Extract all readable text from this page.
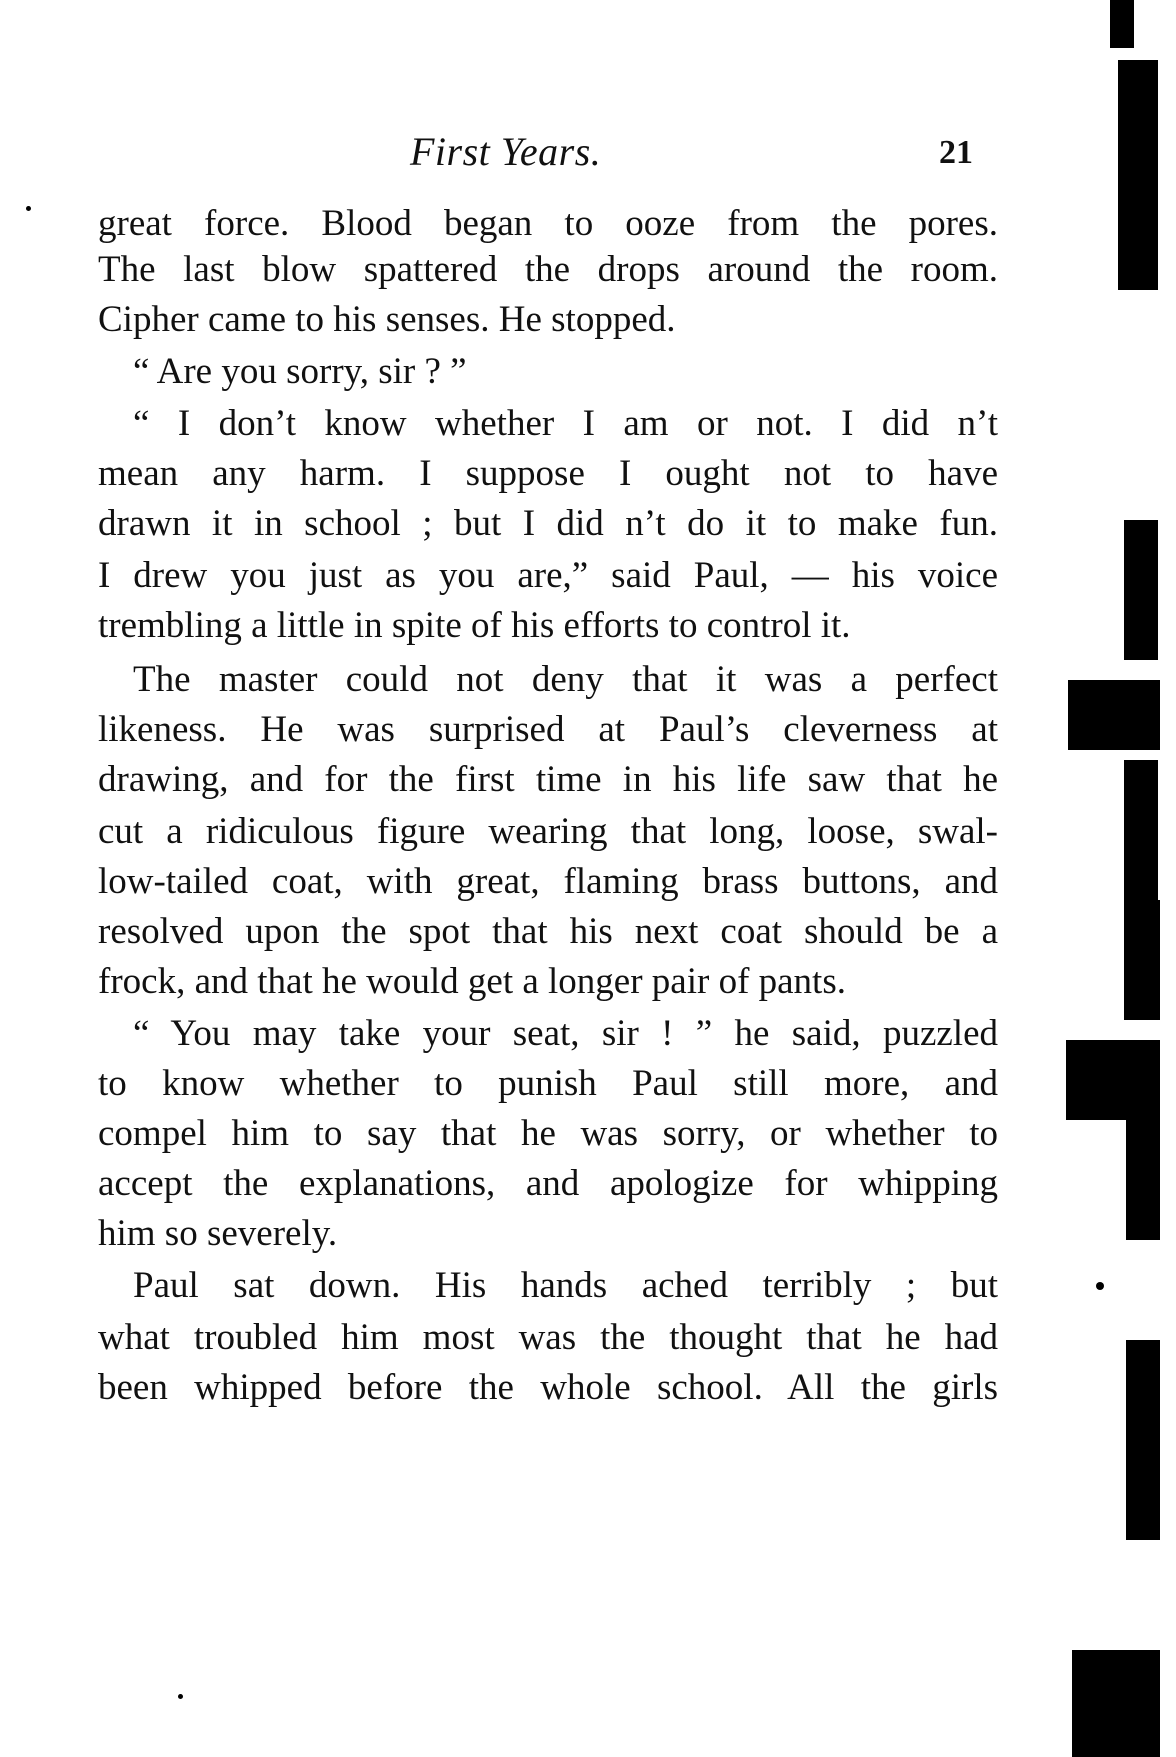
First Years.	21
great force. Blood began to ooze from the pores.
The last blow spattered the drops around the room.
Cipher came to his senses. He stopped.
“ Are you sorry, sir ? ”
“ I don’t know whether I am or not. I did n’t
mean any harm. I suppose I ought not to have
drawn it in school ; but I did n’t do it to make fun.
I drew you just as you are,” said Paul, — his voice
trembling a little in spite of his efforts to control it.
The master could not deny that it was a perfect
likeness. He was surprised at Paul’s cleverness at
drawing, and for the first time in his life saw that he
cut a ridiculous figure wearing that long, loose, swal-
low-tailed coat, with great, flaming brass buttons, and
resolved upon the spot that his next coat should be a
frock, and that he would get a longer pair of pants.
“ You may take your seat, sir ! ” he said, puzzled
to know whether to punish Paul still more, and
compel him to say that he was sorry, or whether to
accept the explanations, and apologize for whipping
him so severely.
Paul sat down. His hands ached terribly ; but
what troubled him most was the thought that he had
been whipped before the whole school. All the girls
